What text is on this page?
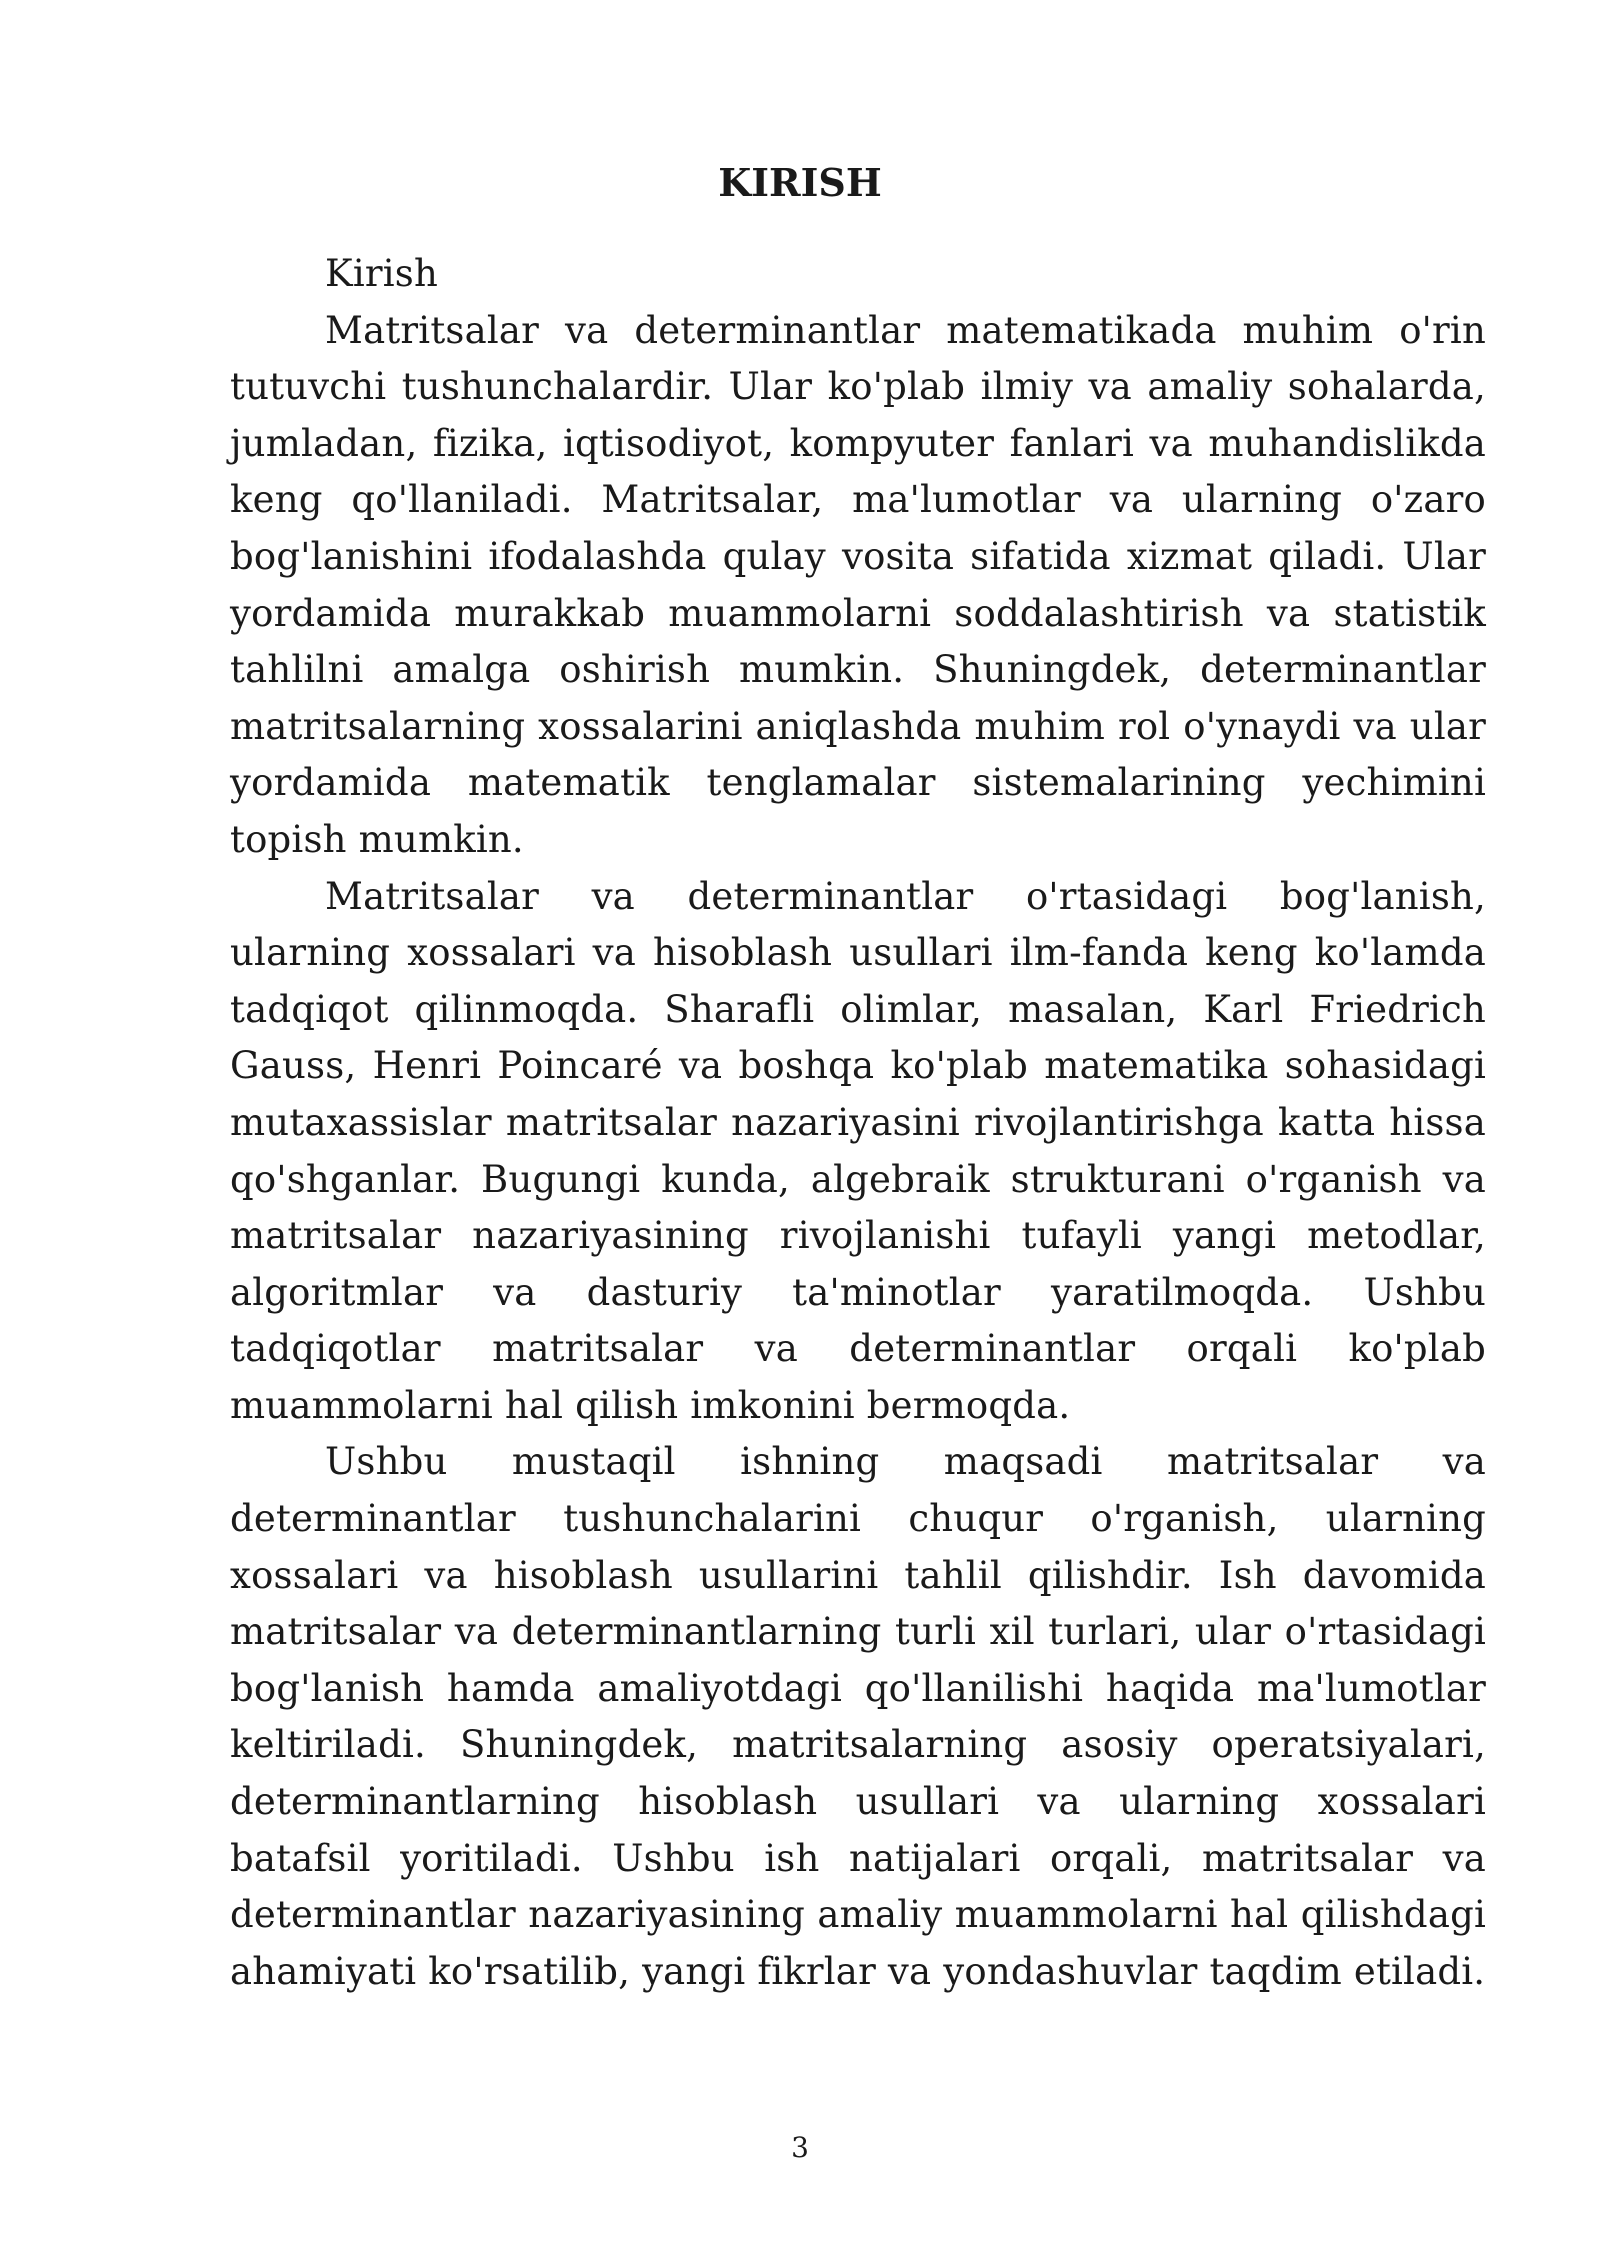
KIRISH

Kirish

Matritsalar va determinantlar matematikada muhim o'rin tutuvchi tushunchalardir. Ular ko'plab ilmiy va amaliy sohalarda, jumladan, fizika, iqtisodiyot, kompyuter fanlari va muhandislikda keng qo'llaniladi. Matritsalar, ma'lumotlar va ularning o'zaro bog'lanishini ifodalashda qulay vosita sifatida xizmat qiladi. Ular yordamida murakkab muammolarni soddalashtirish va statistik tahlilni amalga oshirish mumkin. Shuningdek, determinantlar matritsalarning xossalarini aniqlashda muhim rol o'ynaydi va ular yordamida matematik tenglamalar sistemalarining yechimini topish mumkin.

Matritsalar va determinantlar o'rtasidagi bog'lanish, ularning xossalari va hisoblash usullari ilm-fanda keng ko'lamda tadqiqot qilinmoqda. Sharafli olimlar, masalan, Karl Friedrich Gauss, Henri Poincaré va boshqa ko'plab matematika sohasidagi mutaxassislar matritsalar nazariyasini rivojlantirishga katta hissa qo'shganlar. Bugungi kunda, algebraik strukturani o'rganish va matritsalar nazariyasining rivojlanishi tufayli yangi metodlar, algoritmlar va dasturiy ta'minotlar yaratilmoqda. Ushbu tadqiqotlar matritsalar va determinantlar orqali ko'plab muammolarni hal qilish imkonini bermoqda.

Ushbu mustaqil ishning maqsadi matritsalar va determinantlar tushunchalarini chuqur o'rganish, ularning xossalari va hisoblash usullarini tahlil qilishdir. Ish davomida matritsalar va determinantlarning turli xil turlari, ular o'rtasidagi bog'lanish hamda amaliyotdagi qo'llanilishi haqida ma'lumotlar keltiriladi. Shuningdek, matritsalarning asosiy operatsiyalari, determinantlarning hisoblash usullari va ularning xossalari batafsil yoritiladi. Ushbu ish natijalari orqali, matritsalar va determinantlar nazariyasining amaliy muammolarni hal qilishdagi ahamiyati ko'rsatilib, yangi fikrlar va yondashuvlar taqdim etiladi.

3
